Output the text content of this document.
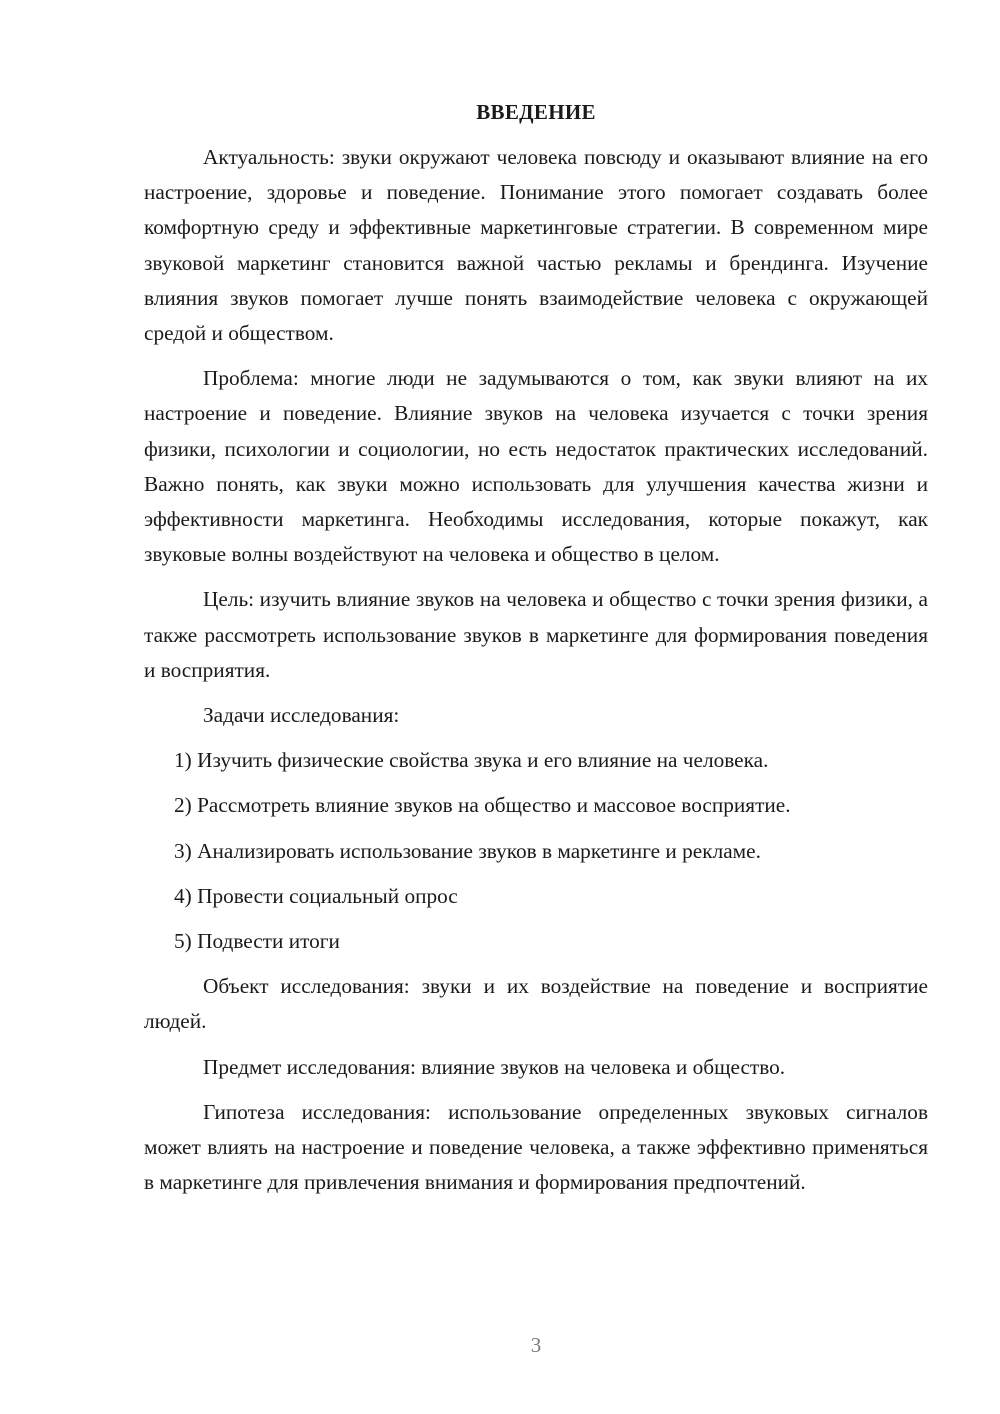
ВВЕДЕНИЕ

Актуальность: звуки окружают человека повсюду и оказывают влияние на его настроение, здоровье и поведение. Понимание этого помогает создавать более комфортную среду и эффективные маркетинговые стратегии. В современном мире звуковой маркетинг становится важной частью рекламы и брендинга. Изучение влияния звуков помогает лучше понять взаимодействие человека с окружающей средой и обществом.

Проблема: многие люди не задумываются о том, как звуки влияют на их настроение и поведение. Влияние звуков на человека изучается с точки зрения физики, психологии и социологии, но есть недостаток практических исследований. Важно понять, как звуки можно использовать для улучшения качества жизни и эффективности маркетинга. Необходимы исследования, которые покажут, как звуковые волны воздействуют на человека и общество в целом.

Цель: изучить влияние звуков на человека и общество с точки зрения физики, а также рассмотреть использование звуков в маркетинге для формирования поведения и восприятия.

Задачи исследования:

1) Изучить физические свойства звука и его влияние на человека.
2) Рассмотреть влияние звуков на общество и массовое восприятие.
3) Анализировать использование звуков в маркетинге и рекламе.
4) Провести социальный опрос
5) Подвести итоги

Объект исследования: звуки и их воздействие на поведение и восприятие людей.

Предмет исследования: влияние звуков на человека и общество.

Гипотеза исследования: использование определенных звуковых сигналов может влиять на настроение и поведение человека, а также эффективно применяться в маркетинге для привлечения внимания и формирования предпочтений.

3
